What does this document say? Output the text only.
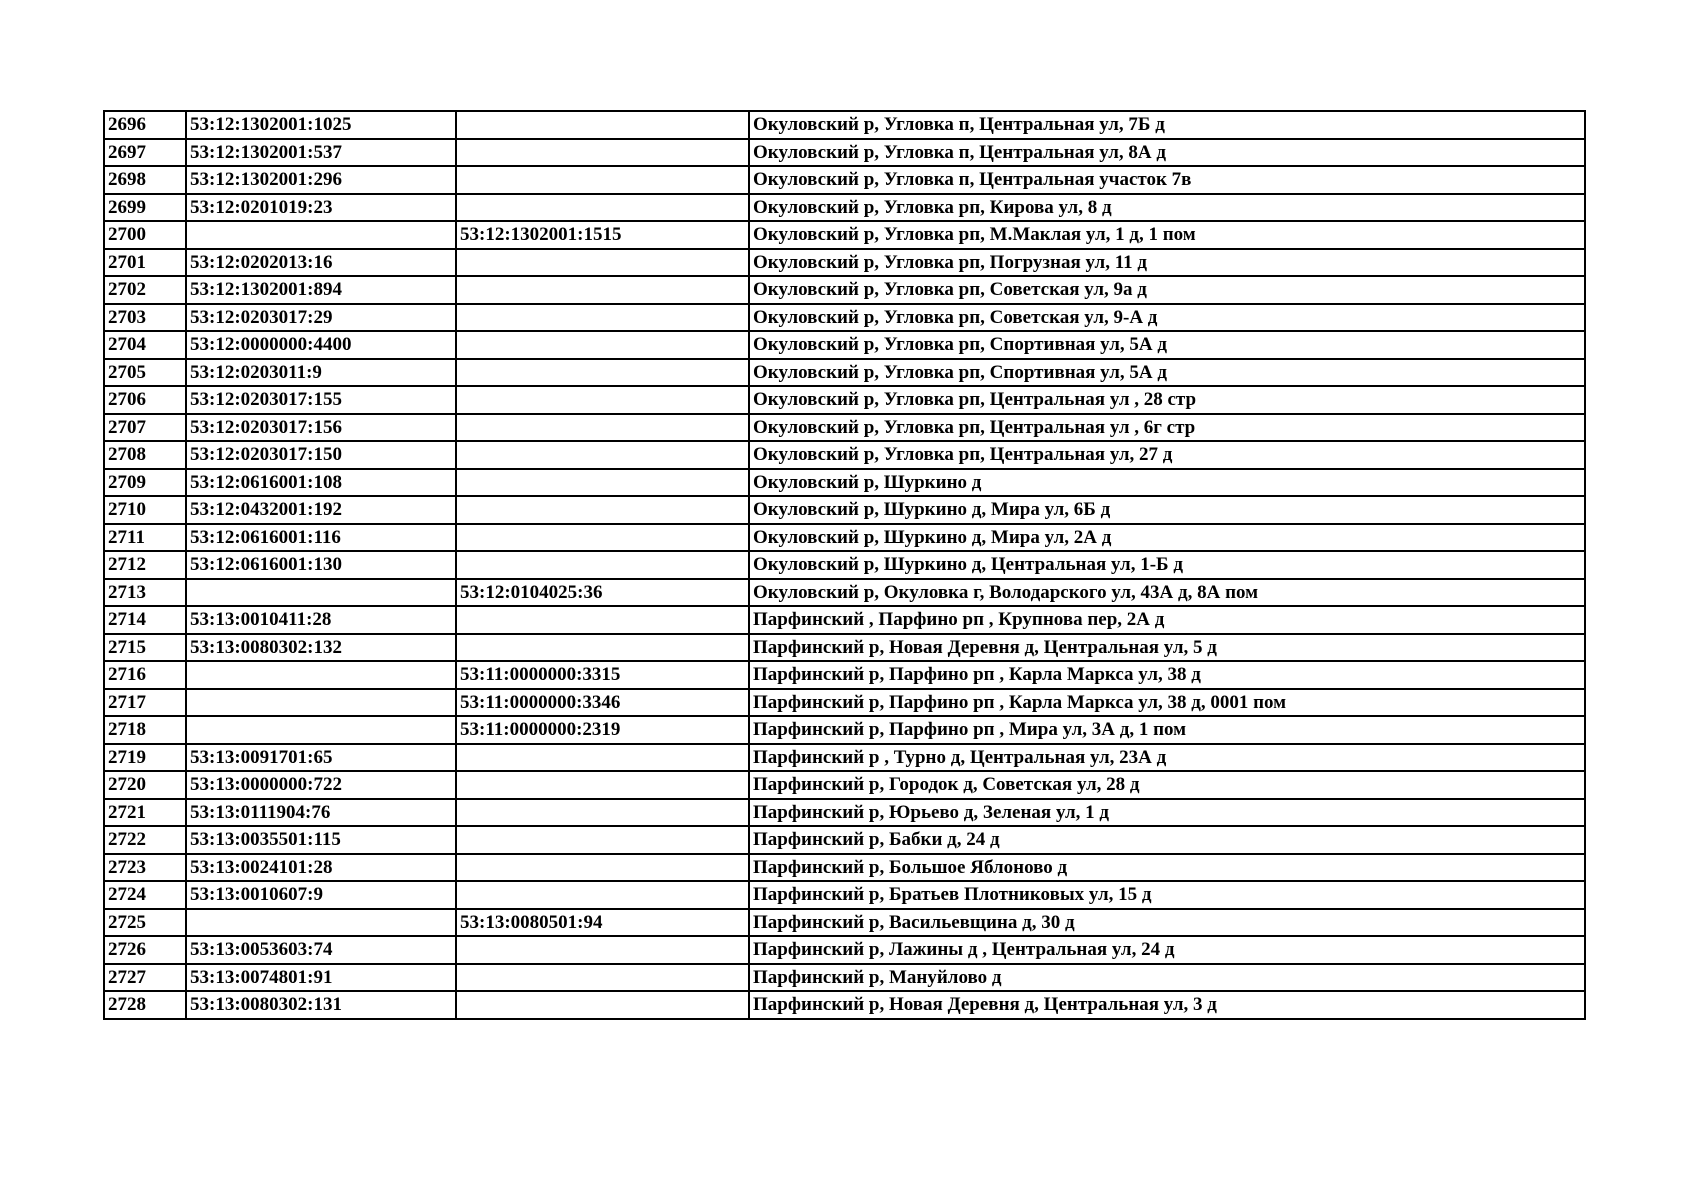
2696	53:12:1302001:1025		Окуловский р, Угловка п, Центральная ул, 7Б д
2697	53:12:1302001:537		Окуловский р, Угловка п, Центральная ул, 8А д
2698	53:12:1302001:296		Окуловский р, Угловка п, Центральная участок 7в
2699	53:12:0201019:23		Окуловский р, Угловка рп, Кирова ул, 8 д
2700		53:12:1302001:1515	Окуловский р, Угловка рп, М.Маклая ул, 1 д, 1 пом
2701	53:12:0202013:16		Окуловский р, Угловка рп, Погрузная ул, 11 д
2702	53:12:1302001:894		Окуловский р, Угловка рп, Советская ул, 9а д
2703	53:12:0203017:29		Окуловский р, Угловка рп, Советская ул, 9-А д
2704	53:12:0000000:4400		Окуловский р, Угловка рп, Спортивная ул, 5А д
2705	53:12:0203011:9		Окуловский р, Угловка рп, Спортивная ул, 5А д
2706	53:12:0203017:155		Окуловский р, Угловка рп, Центральная ул , 28 стр
2707	53:12:0203017:156		Окуловский р, Угловка рп, Центральная ул , 6г стр
2708	53:12:0203017:150		Окуловский р, Угловка рп, Центральная ул, 27 д
2709	53:12:0616001:108		Окуловский р, Шуркино д
2710	53:12:0432001:192		Окуловский р, Шуркино д, Мира ул, 6Б д
2711	53:12:0616001:116		Окуловский р, Шуркино д, Мира ул, 2А д
2712	53:12:0616001:130		Окуловский р, Шуркино д, Центральная ул, 1-Б д
2713		53:12:0104025:36	Окуловский р, Окуловка г, Володарского ул, 43А д, 8А пом
2714	53:13:0010411:28		Парфинский , Парфино рп , Крупнова пер, 2А д
2715	53:13:0080302:132		Парфинский р, Новая Деревня д, Центральная ул, 5 д
2716		53:11:0000000:3315	Парфинский р, Парфино рп , Карла Маркса ул, 38 д
2717		53:11:0000000:3346	Парфинский р, Парфино рп , Карла Маркса ул, 38 д, 0001 пом
2718		53:11:0000000:2319	Парфинский р, Парфино рп , Мира ул, 3А д, 1 пом
2719	53:13:0091701:65		Парфинский р , Турно д, Центральная ул, 23А д
2720	53:13:0000000:722		Парфинский р, Городок д, Советская ул, 28 д
2721	53:13:0111904:76		Парфинский р, Юрьево д, Зеленая ул, 1 д
2722	53:13:0035501:115		Парфинский р, Бабки д, 24 д
2723	53:13:0024101:28		Парфинский р, Большое Яблоново д
2724	53:13:0010607:9		Парфинский р, Братьев Плотниковых ул, 15 д
2725		53:13:0080501:94	Парфинский р, Васильевщина д, 30 д
2726	53:13:0053603:74		Парфинский р, Лажины д , Центральная ул, 24 д
2727	53:13:0074801:91		Парфинский р, Мануйлово д
2728	53:13:0080302:131		Парфинский р, Новая Деревня д, Центральная ул, 3 д
